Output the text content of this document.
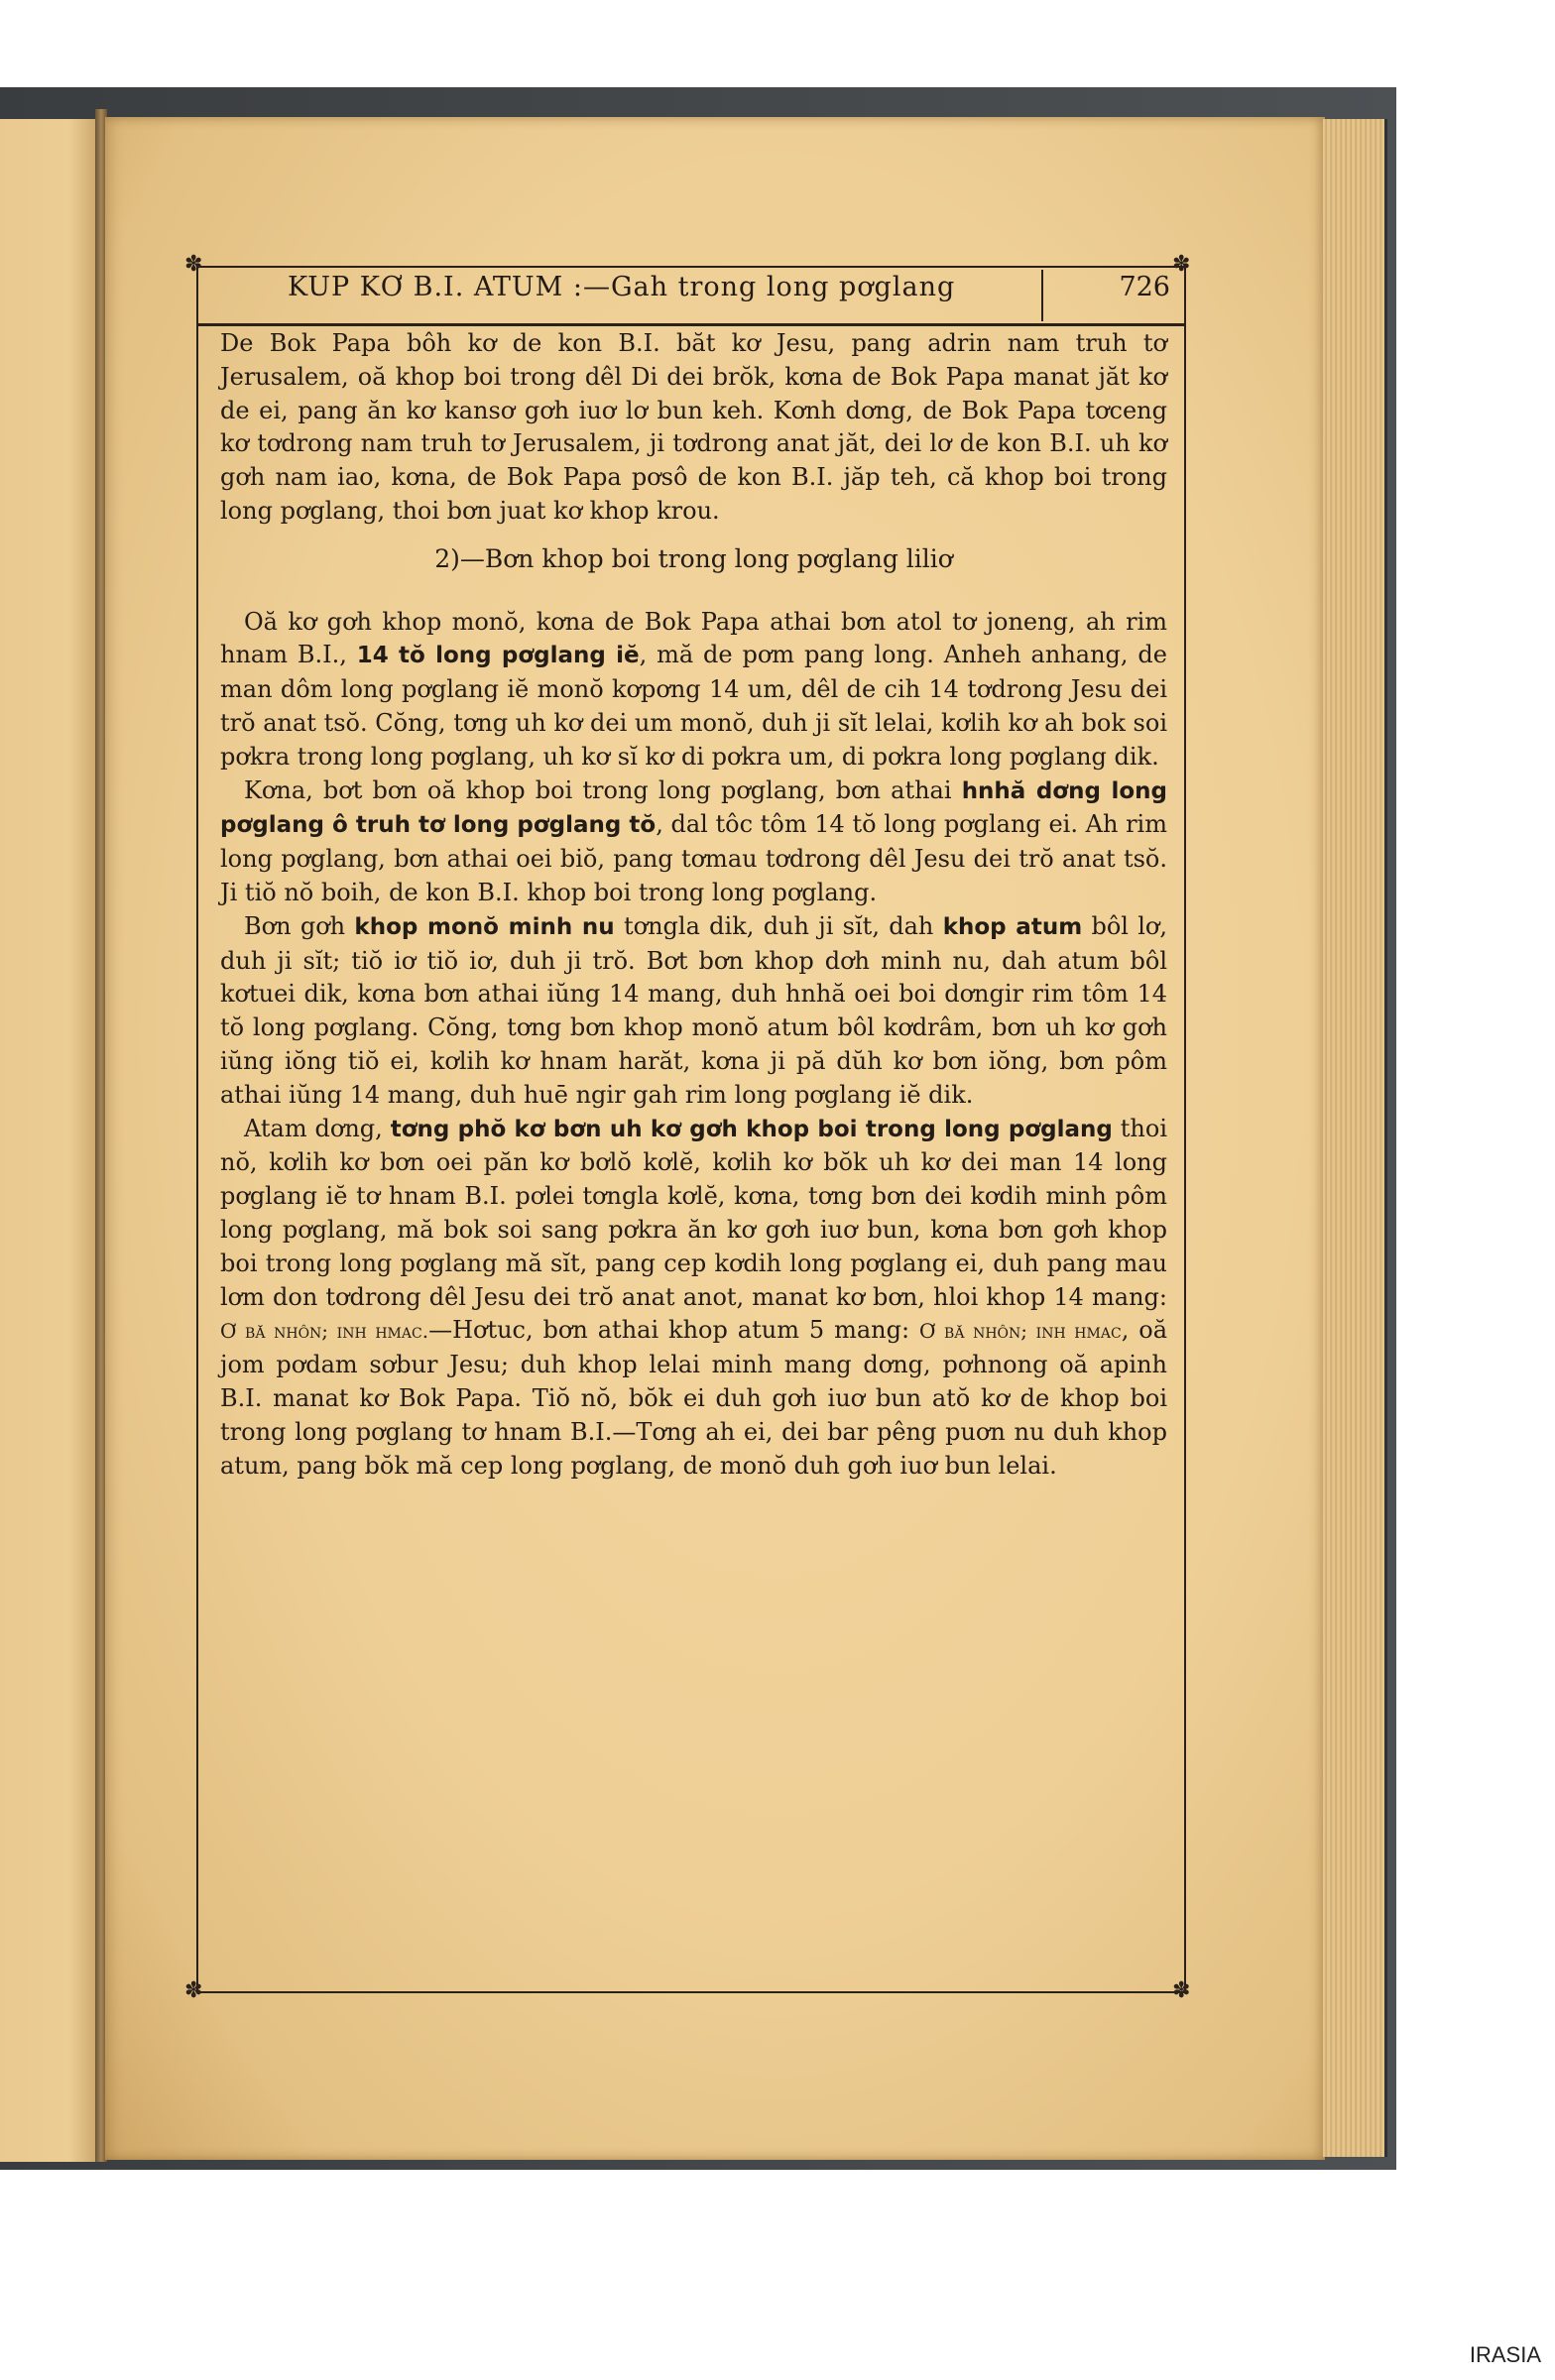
✽	✽
✽	✽
KUP KƠ B.I. ATUM :—Gah trong long pơglang	726

De Bok Papa bôh kơ de kon B.I. băt kơ Jesu, pang adrin nam truh tơ Jerusalem, oă khop boi trong dêl Di dei brŏk, kơna de Bok Papa manat jăt kơ de ei, pang ăn kơ kansơ gơh iuơ lơ bun keh. Kơnh dơng, de Bok Papa tơceng kơ tơdrong nam truh tơ Jerusalem, ji tơdrong anat jăt, dei lơ de kon B.I. uh kơ gơh nam iao, kơna, de Bok Papa pơsô de kon B.I. jăp teh, că khop boi trong long pơglang, thoi bơn juat kơ khop krou.

2)—Bơn khop boi trong long pơglang liliơ

Oă kơ gơh khop monŏ, kơna de Bok Papa athai bơn atol tơ joneng, ah rim hnam B.I., 14 tŏ long pơglang iĕ, mă de pơm pang long. Anheh anhang, de man dôm long pơglang iĕ monŏ kơpơng 14 um, dêl de cih 14 tơdrong Jesu dei trŏ anat tsŏ. Cŏng, tơng uh kơ dei um monŏ, duh ji sĭt lelai, kơlih kơ ah bok soi pơkra trong long pơglang, uh kơ sĭ kơ di pơkra um, di pơkra long pơglang dik.

Kơna, bơt bơn oă khop boi trong long pơglang, bơn athai hnhă dơng long pơglang ô truh tơ long pơglang tŏ, dal tôc tôm 14 tŏ long pơglang ei. Ah rim long pơglang, bơn athai oei biŏ, pang tơmau tơdrong dêl Jesu dei trŏ anat tsŏ. Ji tiŏ nŏ boih, de kon B.I. khop boi trong long pơglang.

Bơn gơh khop monŏ minh nu tơngla dik, duh ji sĭt, dah khop atum bôl lơ, duh ji sĭt; tiŏ iơ tiŏ iơ, duh ji trŏ. Bơt bơn khop dơh minh nu, dah atum bôl kơtuei dik, kơna bơn athai iŭng 14 mang, duh hnhă oei boi dơngir rim tôm 14 tŏ long pơglang. Cŏng, tơng bơn khop monŏ atum bôl kơdrâm, bơn uh kơ gơh iŭng iŏng tiŏ ei, kơlih kơ hnam harăt, kơna ji pă dŭh kơ bơn iŏng, bơn pôm athai iŭng 14 mang, duh huē ngir gah rim long pơglang iĕ dik.

Atam dơng, tơng phŏ kơ bơn uh kơ gơh khop boi trong long pơglang thoi nŏ, kơlih kơ bơn oei păn kơ bơlŏ kơlĕ, kơlih kơ bŏk uh kơ dei man 14 long pơglang iĕ tơ hnam B.I. pơlei tơngla kơlĕ, kơna, tơng bơn dei kơdih minh pôm long pơglang, mă bok soi sang pơkra ăn kơ gơh iuơ bun, kơna bơn gơh khop boi trong long pơglang mă sĭt, pang cep kơdih long pơglang ei, duh pang mau lơm don tơdrong dêl Jesu dei trŏ anat anot, manat kơ bơn, hloi khop 14 mang: Ơ bă nhôn; inh hmac.—Hơtuc, bơn athai khop atum 5 mang: Ơ bă nhôn; inh hmac, oă jom pơdam sơbur Jesu; duh khop lelai minh mang dơng, pơhnong oă apinh B.I. manat kơ Bok Papa. Tiŏ nŏ, bŏk ei duh gơh iuơ bun atŏ kơ de khop boi trong long pơglang tơ hnam B.I.—Tơng ah ei, dei bar pêng puơn nu duh khop atum, pang bŏk mă cep long pơglang, de monŏ duh gơh iuơ bun lelai.

IRASIA
